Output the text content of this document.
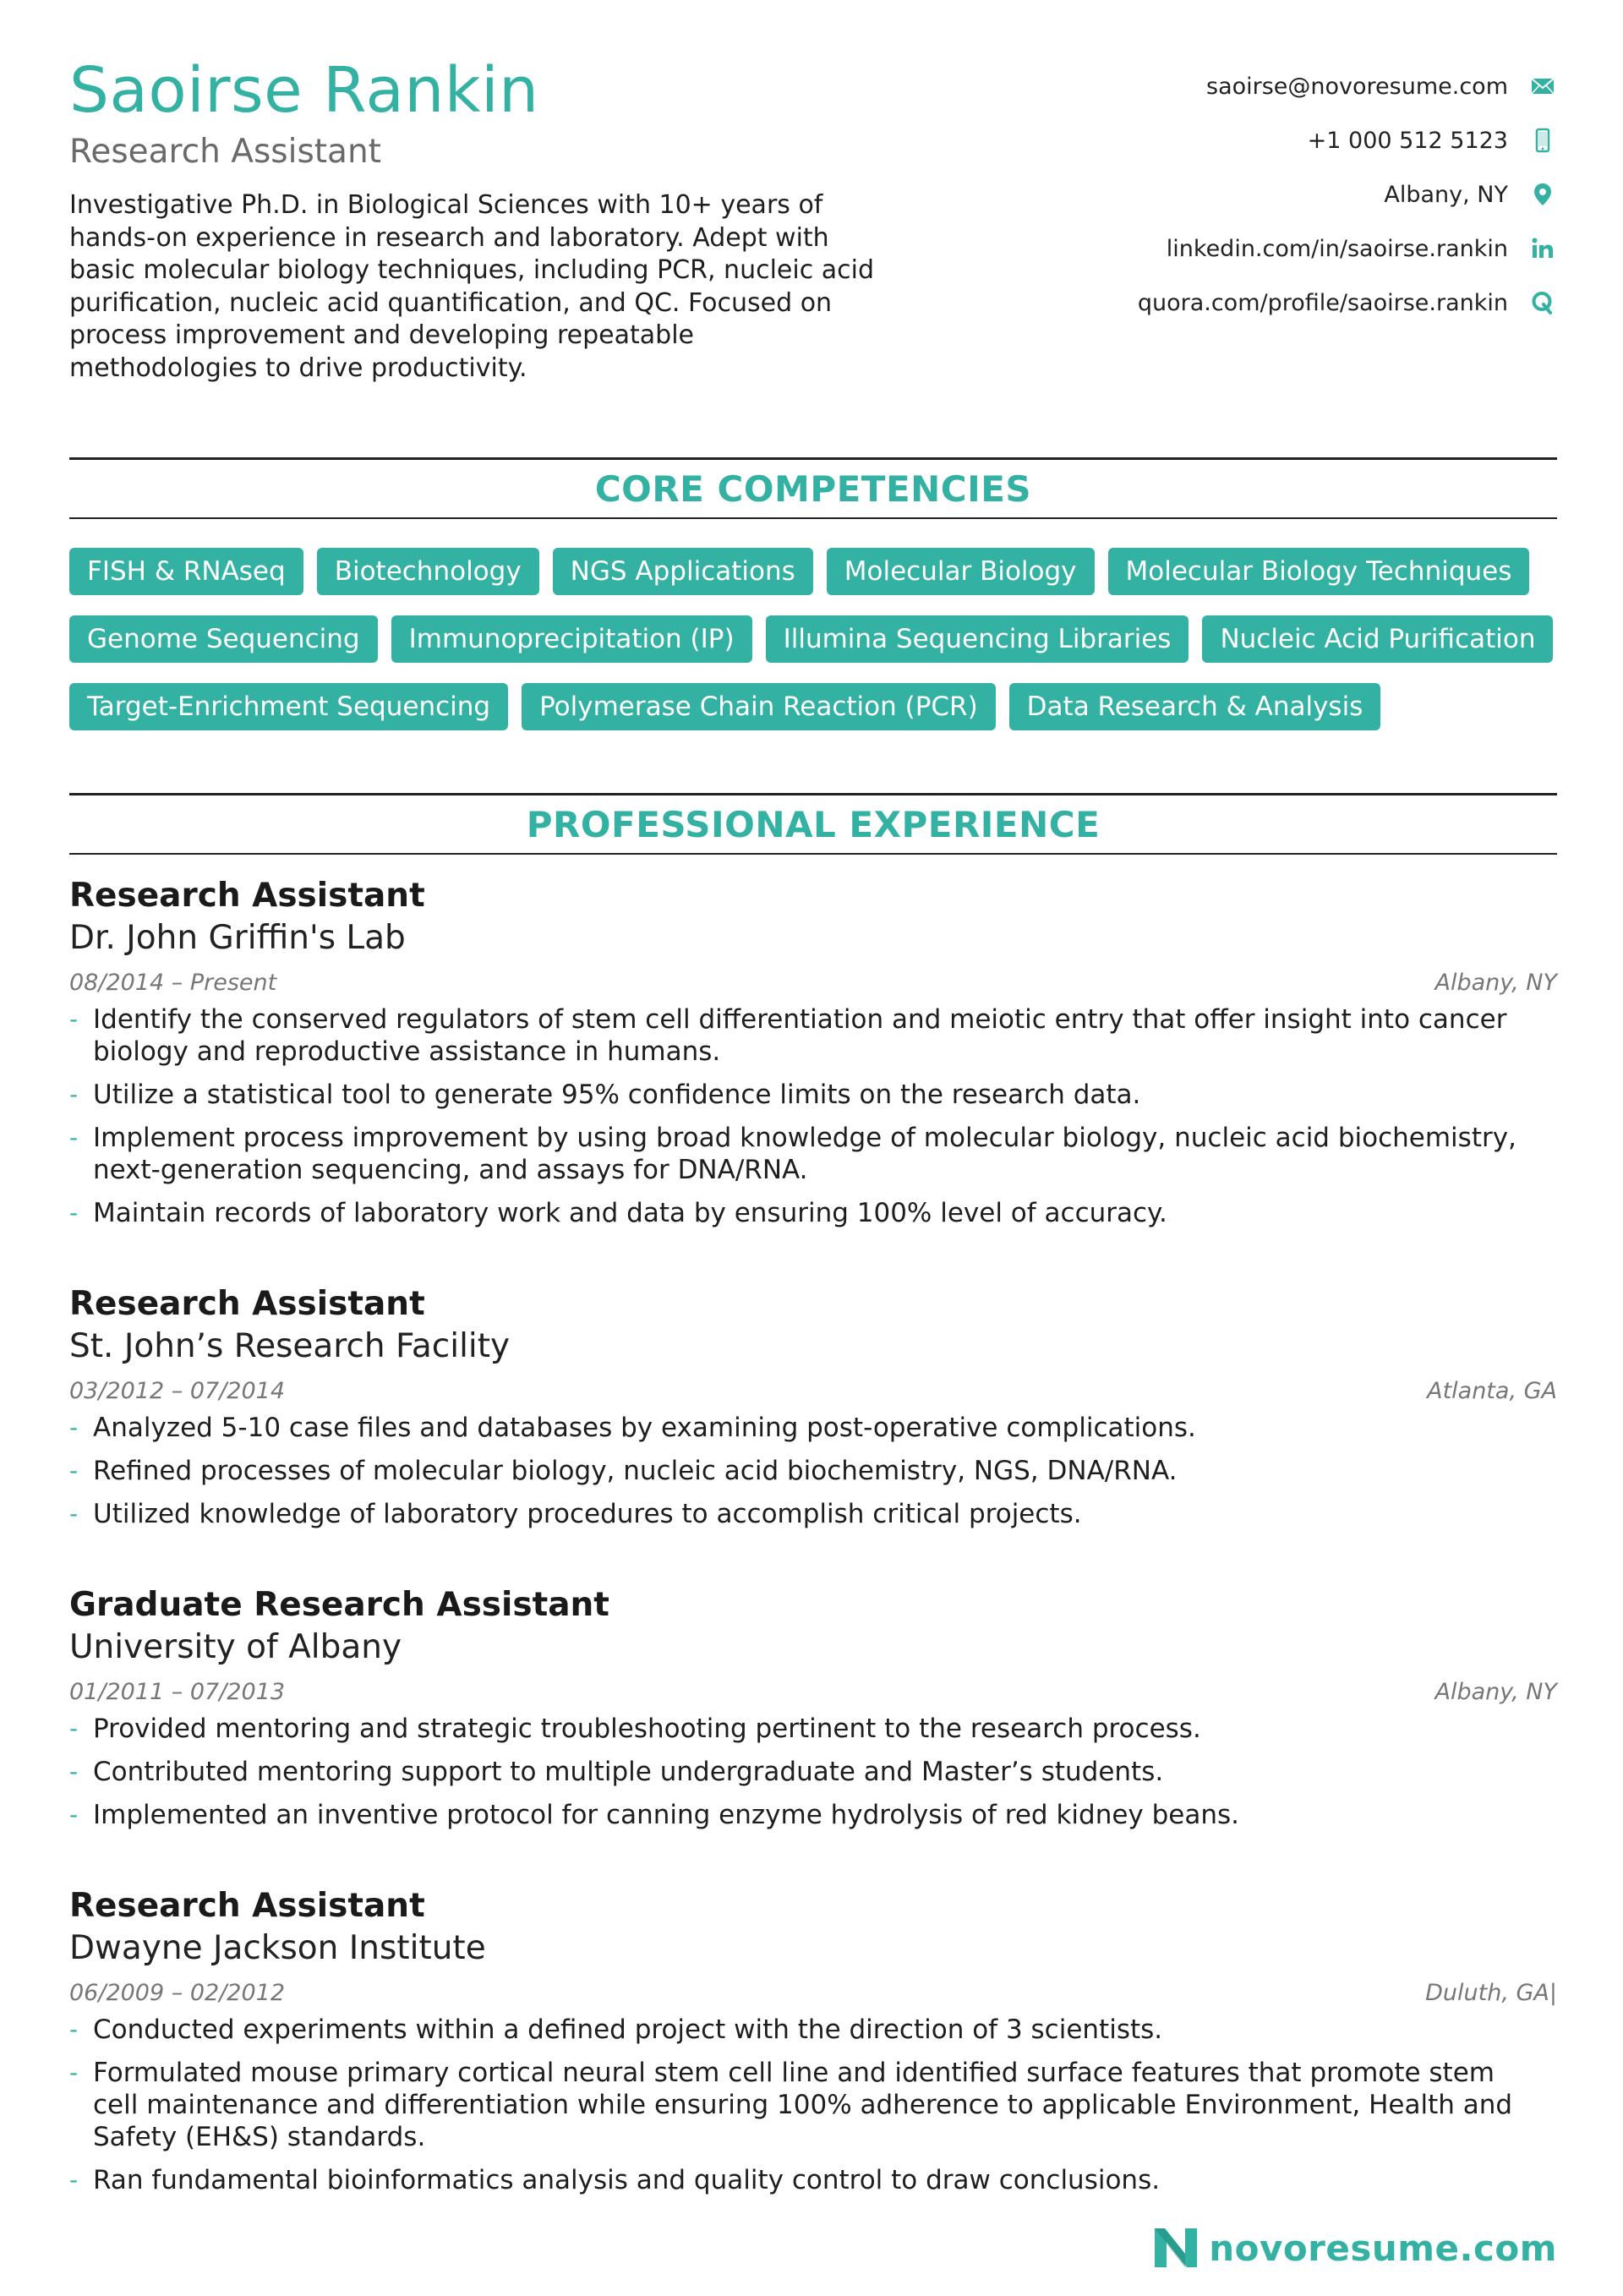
Saoirse Rankin
Research Assistant
Investigative Ph.D. in Biological Sciences with 10+ years of hands-on experience in research and laboratory. Adept with basic molecular biology techniques, including PCR, nucleic acid purification, nucleic acid quantification, and QC. Focused on process improvement and developing repeatable methodologies to drive productivity.
saoirse@novoresume.com
+1 000 512 5123
Albany, NY
linkedin.com/in/saoirse.rankin
quora.com/profile/saoirse.rankin
CORE COMPETENCIES
FISH & RNAseq	Biotechnology	NGS Applications	Molecular Biology	Molecular Biology Techniques
Genome Sequencing	Immunoprecipitation (IP)	Illumina Sequencing Libraries	Nucleic Acid Purification
Target-Enrichment Sequencing	Polymerase Chain Reaction (PCR)	Data Research & Analysis
PROFESSIONAL EXPERIENCE
Research Assistant
Dr. John Griffin's Lab
08/2014 – Present	Albany, NY
- Identify the conserved regulators of stem cell differentiation and meiotic entry that offer insight into cancer biology and reproductive assistance in humans.
- Utilize a statistical tool to generate 95% confidence limits on the research data.
- Implement process improvement by using broad knowledge of molecular biology, nucleic acid biochemistry, next-generation sequencing, and assays for DNA/RNA.
- Maintain records of laboratory work and data by ensuring 100% level of accuracy.
Research Assistant
St. John’s Research Facility
03/2012 – 07/2014	Atlanta, GA
- Analyzed 5-10 case files and databases by examining post-operative complications.
- Refined processes of molecular biology, nucleic acid biochemistry, NGS, DNA/RNA.
- Utilized knowledge of laboratory procedures to accomplish critical projects.
Graduate Research Assistant
University of Albany
01/2011 – 07/2013	Albany, NY
- Provided mentoring and strategic troubleshooting pertinent to the research process.
- Contributed mentoring support to multiple undergraduate and Master’s students.
- Implemented an inventive protocol for canning enzyme hydrolysis of red kidney beans.
Research Assistant
Dwayne Jackson Institute
06/2009 – 02/2012	Duluth, GA|
- Conducted experiments within a defined project with the direction of 3 scientists.
- Formulated mouse primary cortical neural stem cell line and identified surface features that promote stem cell maintenance and differentiation while ensuring 100% adherence to applicable Environment, Health and Safety (EH&S) standards.
- Ran fundamental bioinformatics analysis and quality control to draw conclusions.
novoresume.com
